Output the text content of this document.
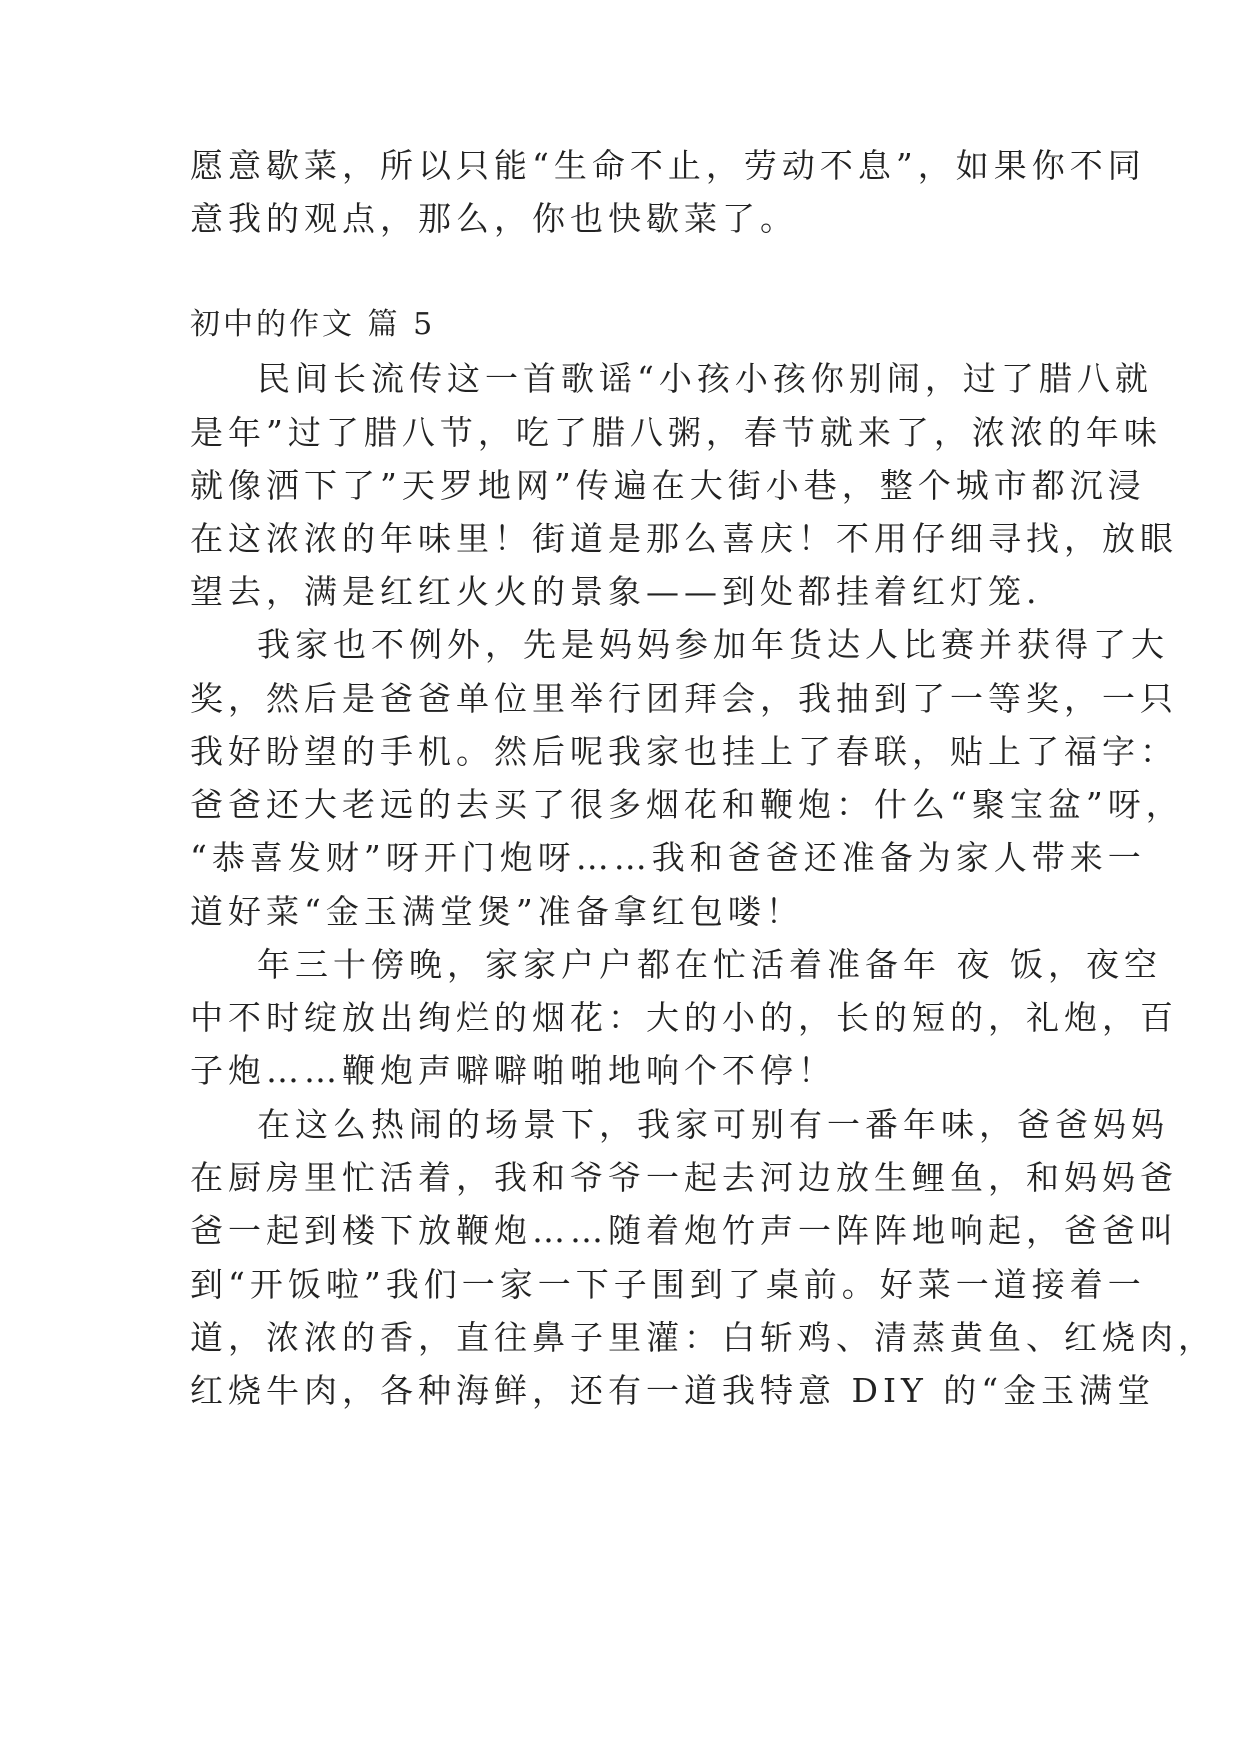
愿意歇菜，所以只能“生命不止，劳动不息”，如果你不同
意我的观点，那么，你也快歇菜了。
初中的作文 篇 5
民间长流传这一首歌谣“小孩小孩你别闹，过了腊八就
是年”过了腊八节，吃了腊八粥，春节就来了，浓浓的年味
就像洒下了”天罗地网”传遍在大街小巷，整个城市都沉浸
在这浓浓的年味里！街道是那么喜庆！不用仔细寻找，放眼
望去，满是红红火火的景象——到处都挂着红灯笼.
我家也不例外，先是妈妈参加年货达人比赛并获得了大
奖，然后是爸爸单位里举行团拜会，我抽到了一等奖，一只
我好盼望的手机。然后呢我家也挂上了春联，贴上了福字：
爸爸还大老远的去买了很多烟花和鞭炮：什么“聚宝盆”呀，
“恭喜发财”呀开门炮呀……我和爸爸还准备为家人带来一
道好菜“金玉满堂煲”准备拿红包喽！
年三十傍晚，家家户户都在忙活着准备年 夜 饭，夜空
中不时绽放出绚烂的烟花：大的小的，长的短的，礼炮，百
子炮……鞭炮声噼噼啪啪地响个不停！
在这么热闹的场景下，我家可别有一番年味，爸爸妈妈
在厨房里忙活着，我和爷爷一起去河边放生鲤鱼，和妈妈爸
爸一起到楼下放鞭炮……随着炮竹声一阵阵地响起，爸爸叫
到“开饭啦”我们一家一下子围到了桌前。好菜一道接着一
道，浓浓的香，直往鼻子里灌：白斩鸡、清蒸黄鱼、红烧肉，
红烧牛肉，各种海鲜，还有一道我特意 DIY 的“金玉满堂
